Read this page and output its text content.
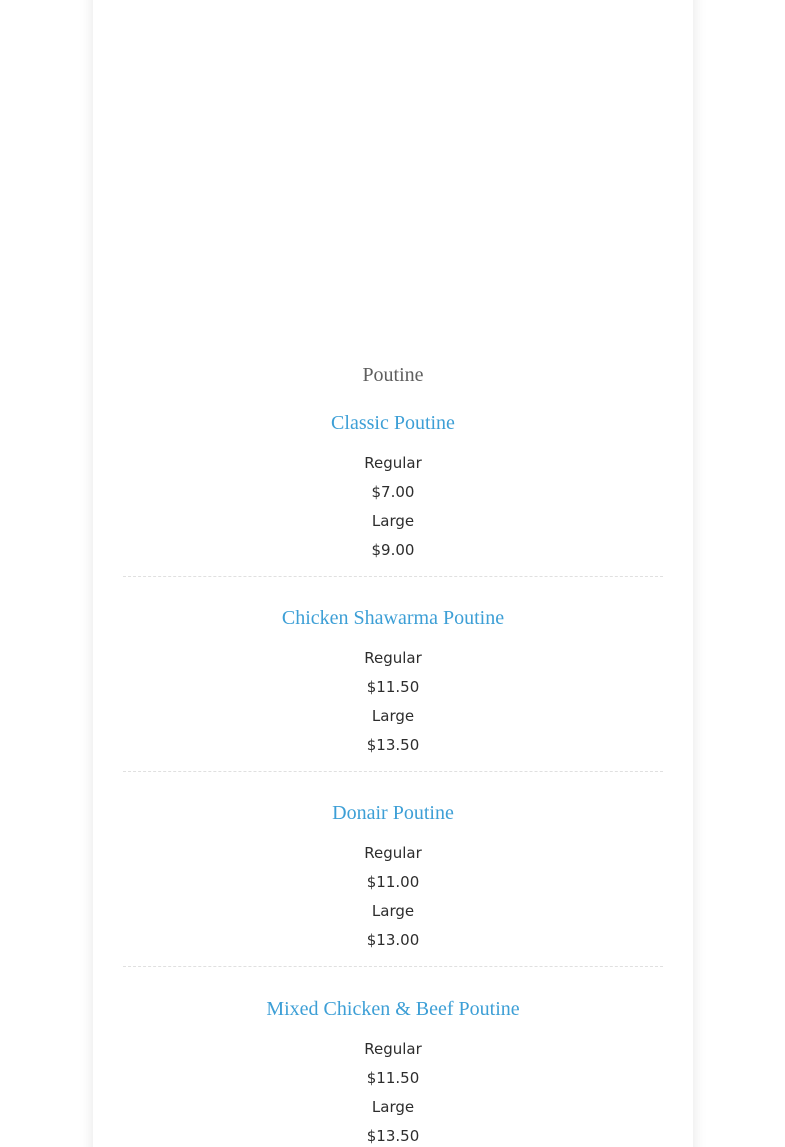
Poutine
Classic Poutine
Regular
$7.00
Large
$9.00
Chicken Shawarma Poutine
Regular
$11.50
Large
$13.50
Donair Poutine
Regular
$11.00
Large
$13.00
Mixed Chicken & Beef Poutine
Regular
$11.50
Large
$13.50
